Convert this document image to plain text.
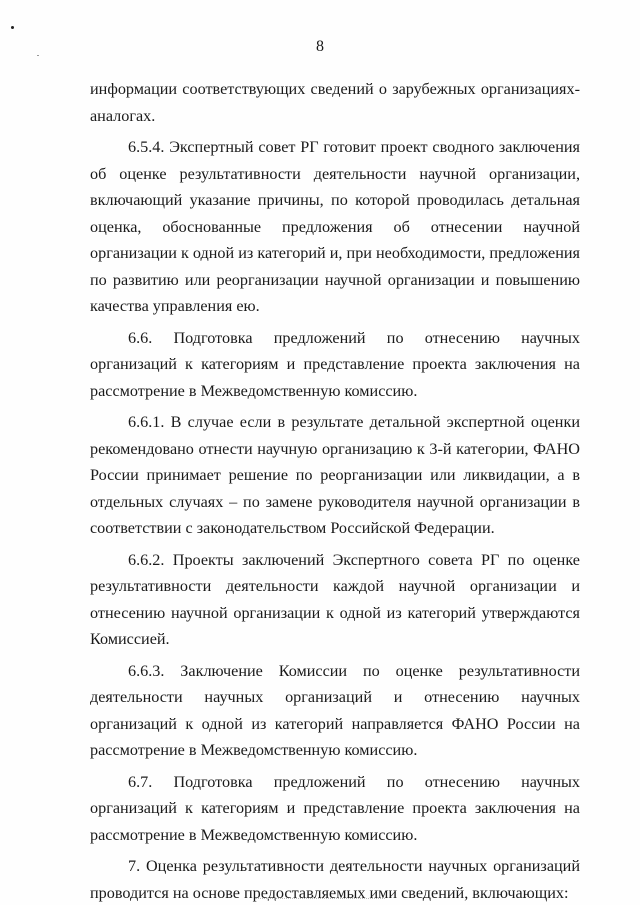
8

информации соответствующих сведений о зарубежных организациях-аналогах.

6.5.4. Экспертный совет РГ готовит проект сводного заключения об оценке результативности деятельности научной организации, включающий указание причины, по которой проводилась детальная оценка, обоснованные предложения об отнесении научной организации к одной из категорий и, при необходимости, предложения по развитию или реорганизации научной организации и повышению качества управления ею.

6.6. Подготовка предложений по отнесению научных организаций к категориям и представление проекта заключения на рассмотрение в Межведомственную комиссию.

6.6.1. В случае если в результате детальной экспертной оценки рекомендовано отнести научную организацию к 3-й категории, ФАНО России принимает решение по реорганизации или ликвидации, а в отдельных случаях – по замене руководителя научной организации в соответствии с законодательством Российской Федерации.

6.6.2. Проекты заключений Экспертного совета РГ по оценке результативности деятельности каждой научной организации и отнесению научной организации к одной из категорий утверждаются Комиссией.

6.6.3. Заключение Комиссии по оценке результативности деятельности научных организаций и отнесению научных организаций к одной из категорий направляется ФАНО России на рассмотрение в Межведомственную комиссию.

6.7. Подготовка предложений по отнесению научных организаций к категориям и представление проекта заключения на рассмотрение в Межведомственную комиссию.

7. Оценка результативности деятельности научных организаций проводится на основе предоставляемых ими сведений, включающих:
